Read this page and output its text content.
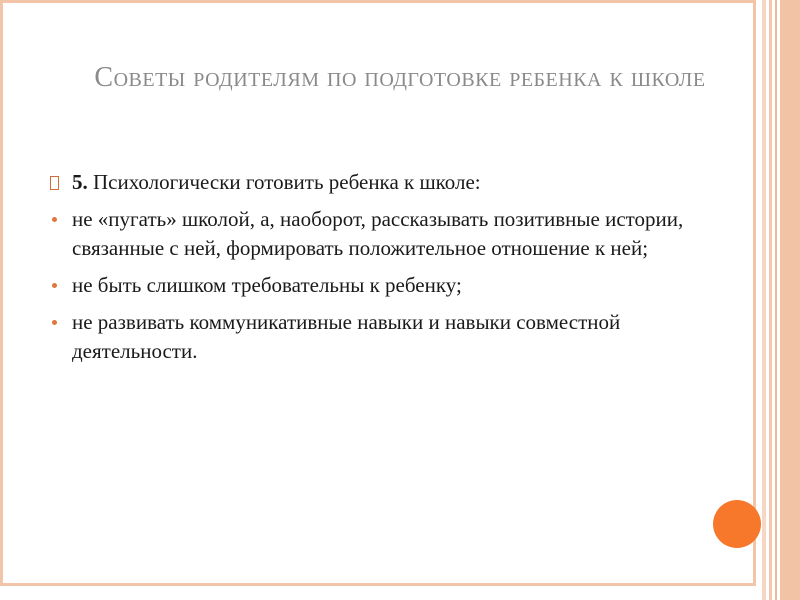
Советы родителям по подготовке ребенка к школе
5. Психологически готовить ребенка к школе:
не «пугать» школой, а, наоборот, рассказывать позитивные истории, связанные с ней, формировать положительное отношение к ней;
не быть слишком требовательны к ребенку;
не развивать коммуникативные навыки и навыки совместной деятельности.
